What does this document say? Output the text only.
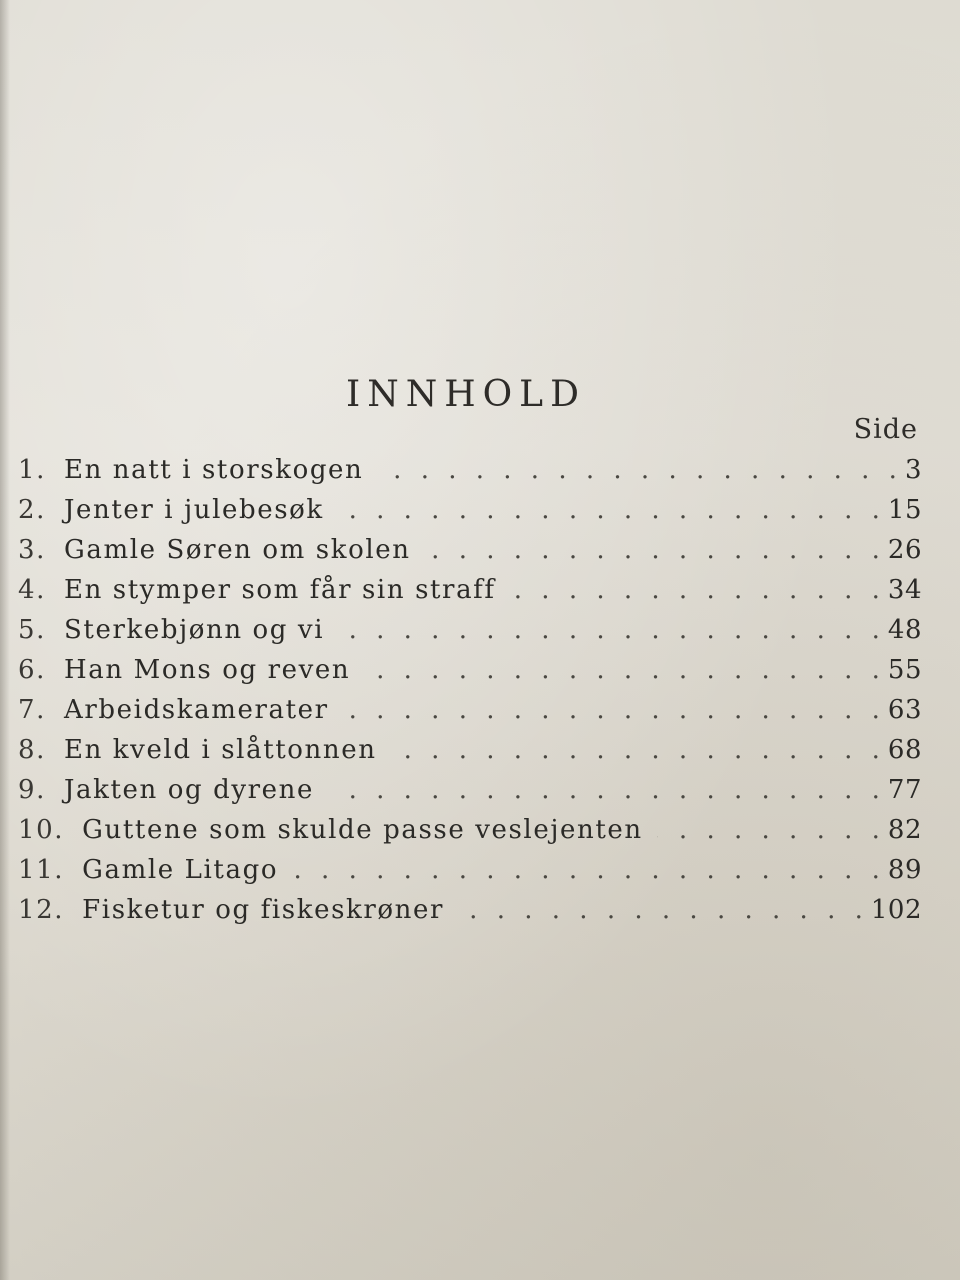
INNHOLD
Side
1. En natt i storskogen . . .	3
2. Jenter i julebesøk . . .	15
3. Gamle Søren om skolen . . .	26
4. En stymper som får sin straff . . .	34
5. Sterkebjønn og vi . . .	48
6. Han Mons og reven . . .	55
7. Arbeidskamerater . . .	63
8. En kveld i slåttonnen . . .	68
9. Jakten og dyrene . . .	77
10. Guttene som skulde passe veslejenten . . .	82
11. Gamle Litago . . .	89
12. Fisketur og fiskeskrøner . . .	102
